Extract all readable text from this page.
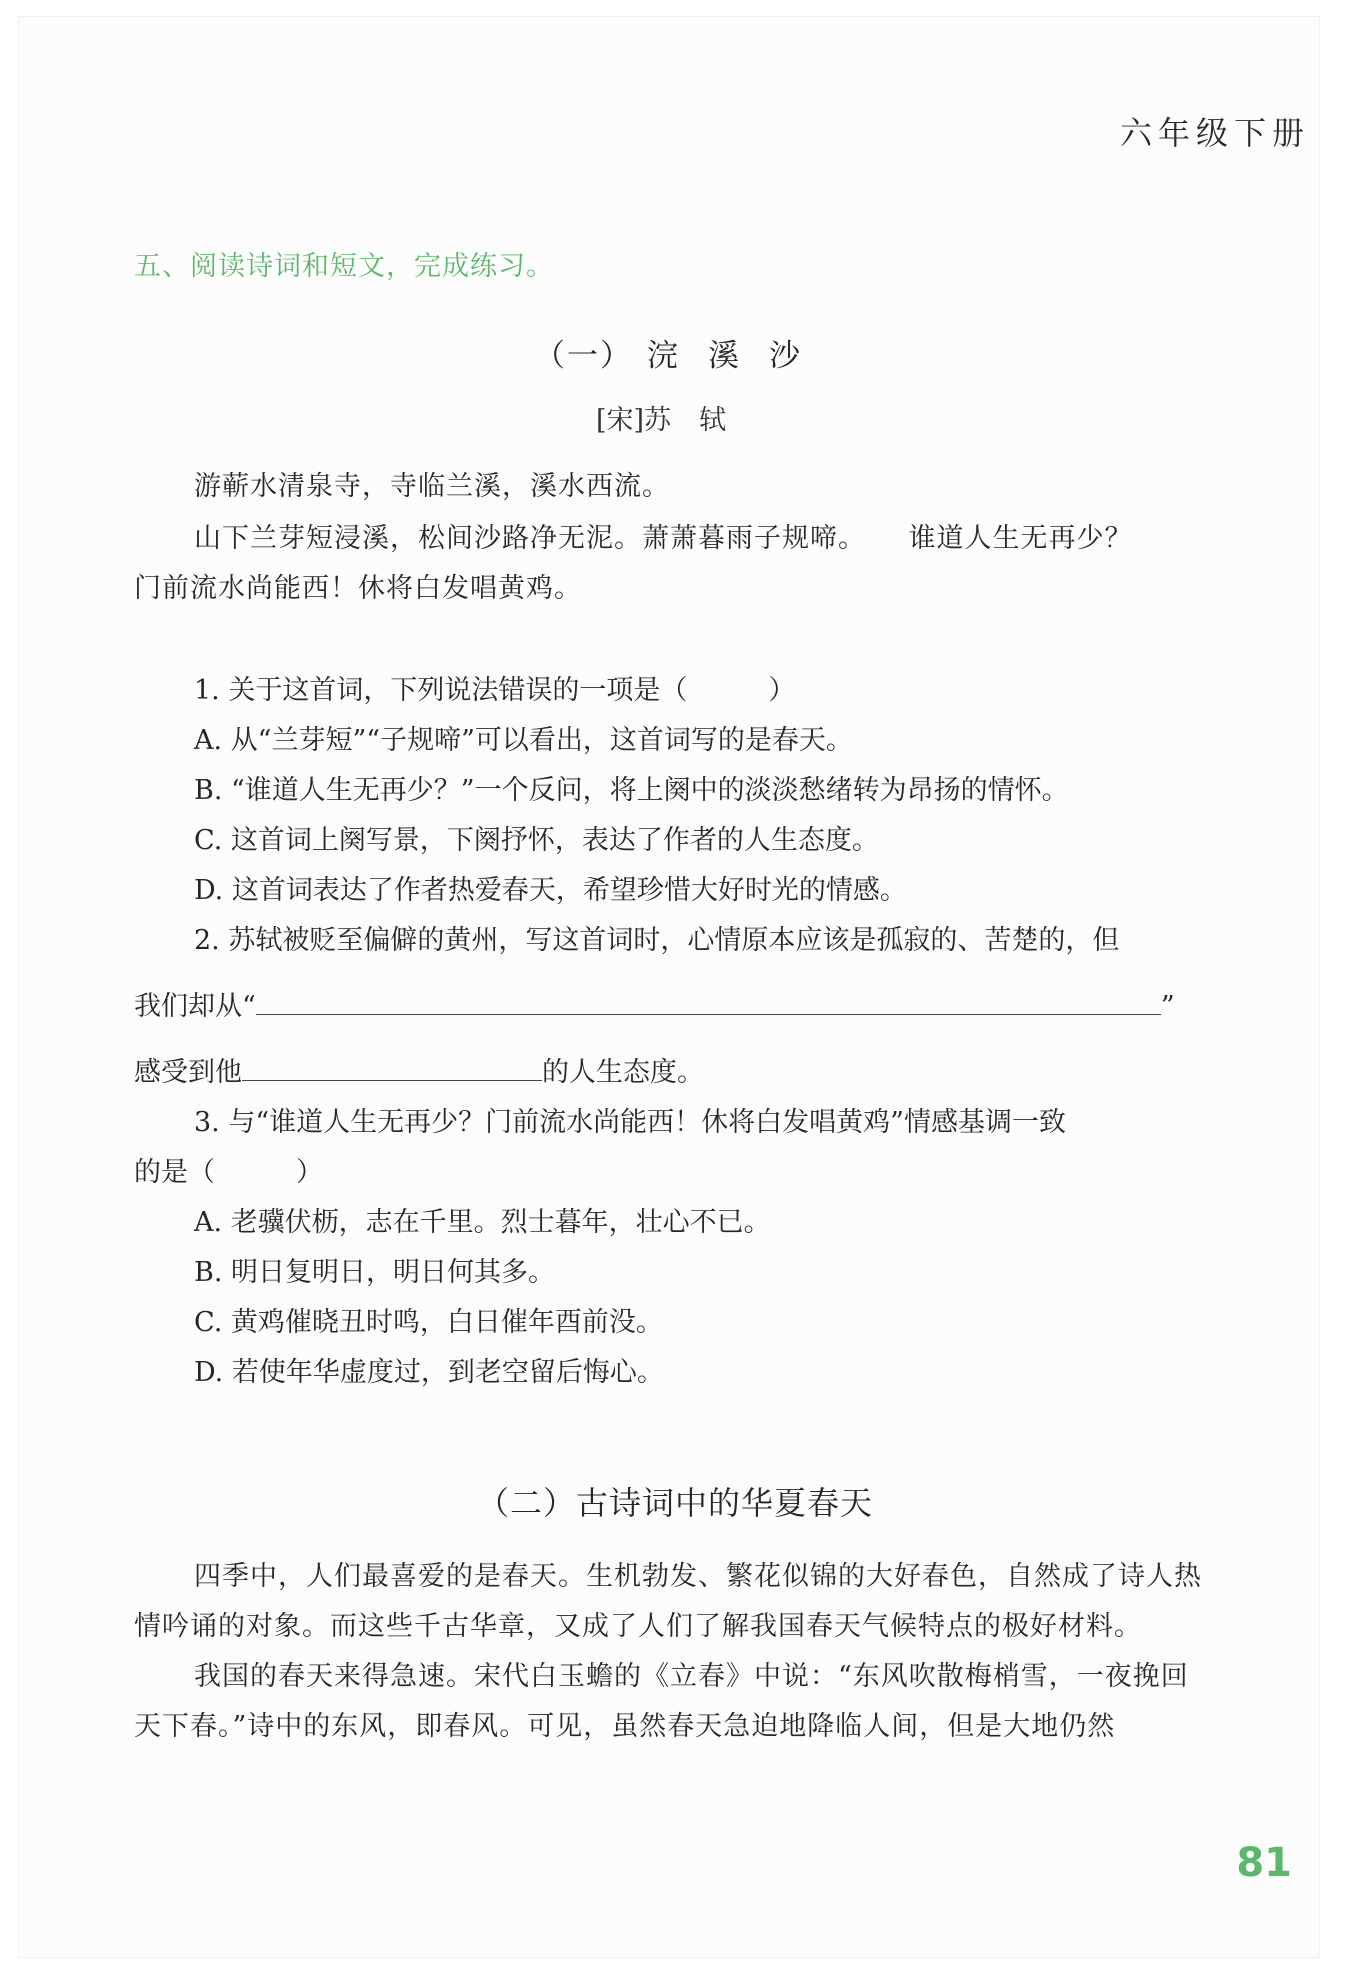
六年级下册
五、阅读诗词和短文，完成练习。
（一） 浣 溪 沙
[宋]苏轼

游蕲水清泉寺，寺临兰溪，溪水西流。

山下兰芽短浸溪，松间沙路净无泥。萧萧暮雨子规啼。　　谁道人生无再少？

门前流水尚能西！休将白发唱黄鸡。

1. 关于这首词，下列说法错误的一项是（　　　）
A. 从“兰芽短”“子规啼”可以看出，这首词写的是春天。
B. “谁道人生无再少？”一个反问，将上阕中的淡淡愁绪转为昂扬的情怀。
C. 这首词上阕写景，下阕抒怀，表达了作者的人生态度。
D. 这首词表达了作者热爱春天，希望珍惜大好时光的情感。
2. 苏轼被贬至偏僻的黄州，写这首词时，心情原本应该是孤寂的、苦楚的，但
我们却从“	”
感受到他	的人生态度。
3. 与“谁道人生无再少？门前流水尚能西！休将白发唱黄鸡”情感基调一致
的是（　　　）
A. 老骥伏枥，志在千里。烈士暮年，壮心不已。
B. 明日复明日，明日何其多。
C. 黄鸡催晓丑时鸣，白日催年酉前没。
D. 若使年华虚度过，到老空留后悔心。
（二）古诗词中的华夏春天

四季中，人们最喜爱的是春天。生机勃发、繁花似锦的大好春色，自然成了诗人热情吟诵的对象。而这些千古华章，又成了人们了解我国春天气候特点的极好材料。

我国的春天来得急速。宋代白玉蟾的《立春》中说：“东风吹散梅梢雪，一夜挽回天下春。”诗中的东风，即春风。可见，虽然春天急迫地降临人间，但是大地仍然

81
